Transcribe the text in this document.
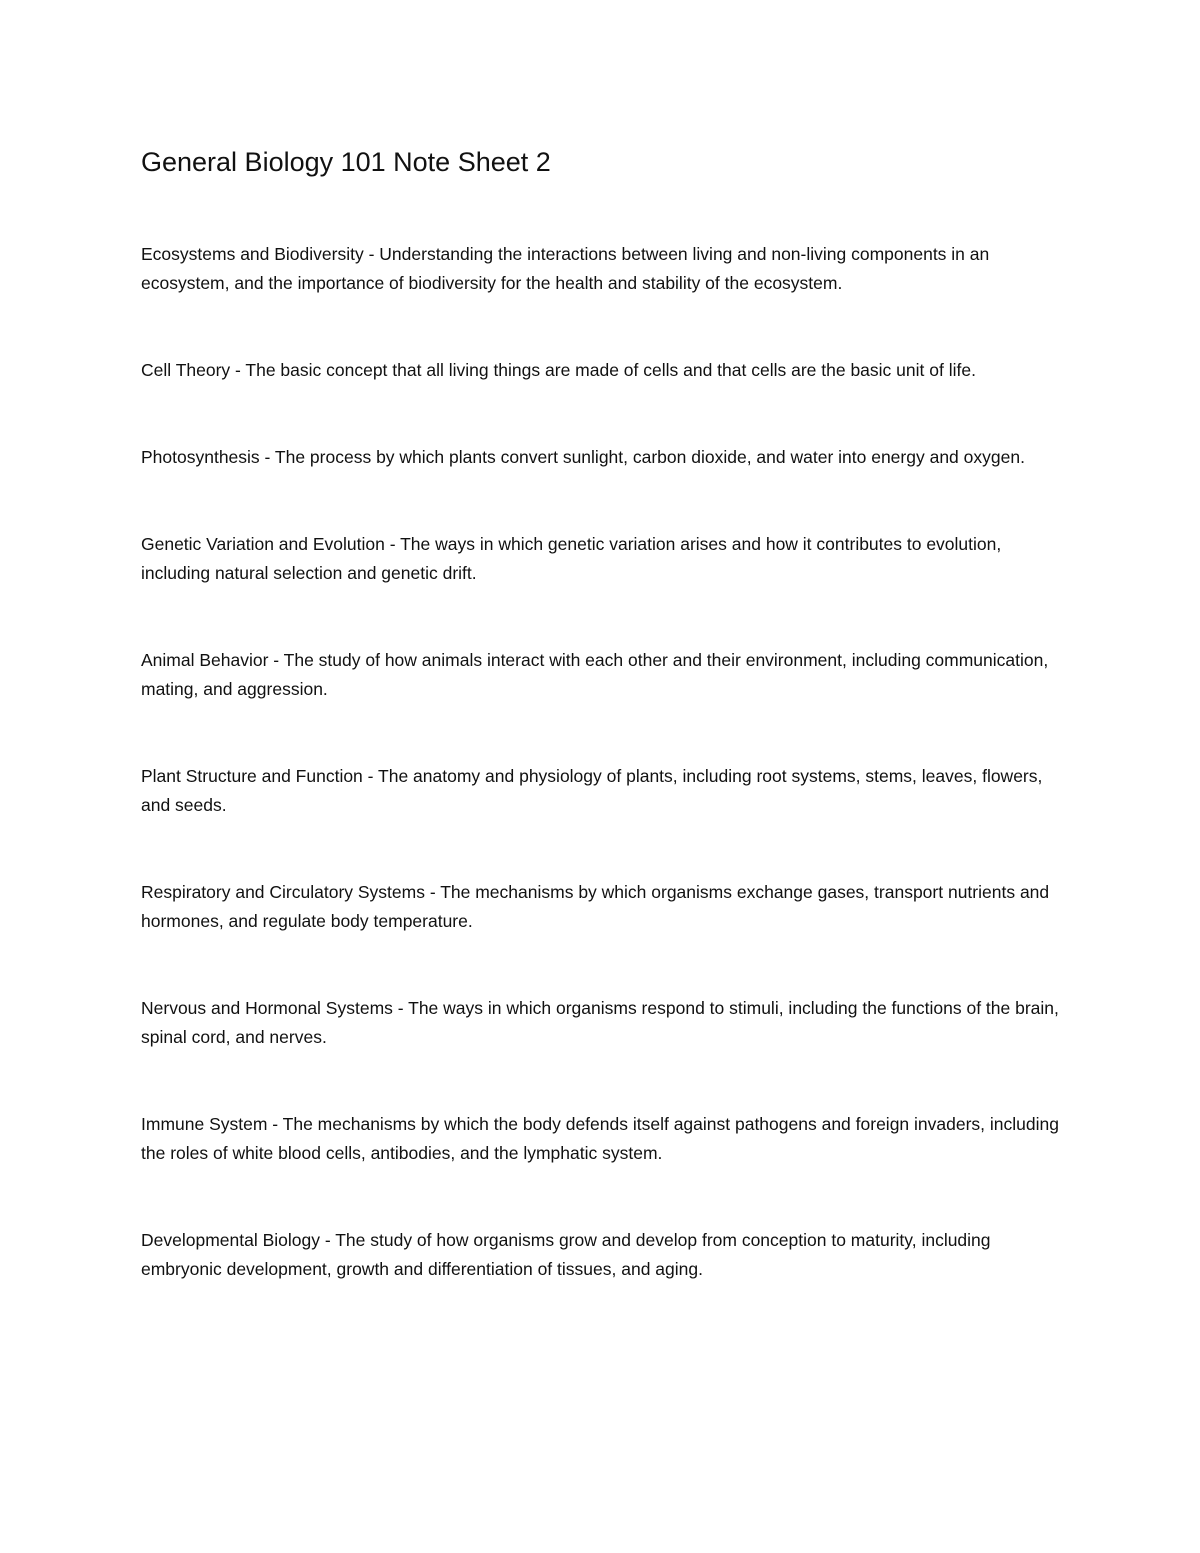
General Biology 101 Note Sheet 2

Ecosystems and Biodiversity - Understanding the interactions between living and non-living components in an ecosystem, and the importance of biodiversity for the health and stability of the ecosystem.

Cell Theory - The basic concept that all living things are made of cells and that cells are the basic unit of life.

Photosynthesis - The process by which plants convert sunlight, carbon dioxide, and water into energy and oxygen.

Genetic Variation and Evolution - The ways in which genetic variation arises and how it contributes to evolution, including natural selection and genetic drift.

Animal Behavior - The study of how animals interact with each other and their environment, including communication, mating, and aggression.

Plant Structure and Function - The anatomy and physiology of plants, including root systems, stems, leaves, flowers, and seeds.

Respiratory and Circulatory Systems - The mechanisms by which organisms exchange gases, transport nutrients and hormones, and regulate body temperature.

Nervous and Hormonal Systems - The ways in which organisms respond to stimuli, including the functions of the brain, spinal cord, and nerves.

Immune System - The mechanisms by which the body defends itself against pathogens and foreign invaders, including the roles of white blood cells, antibodies, and the lymphatic system.

Developmental Biology - The study of how organisms grow and develop from conception to maturity, including embryonic development, growth and differentiation of tissues, and aging.
